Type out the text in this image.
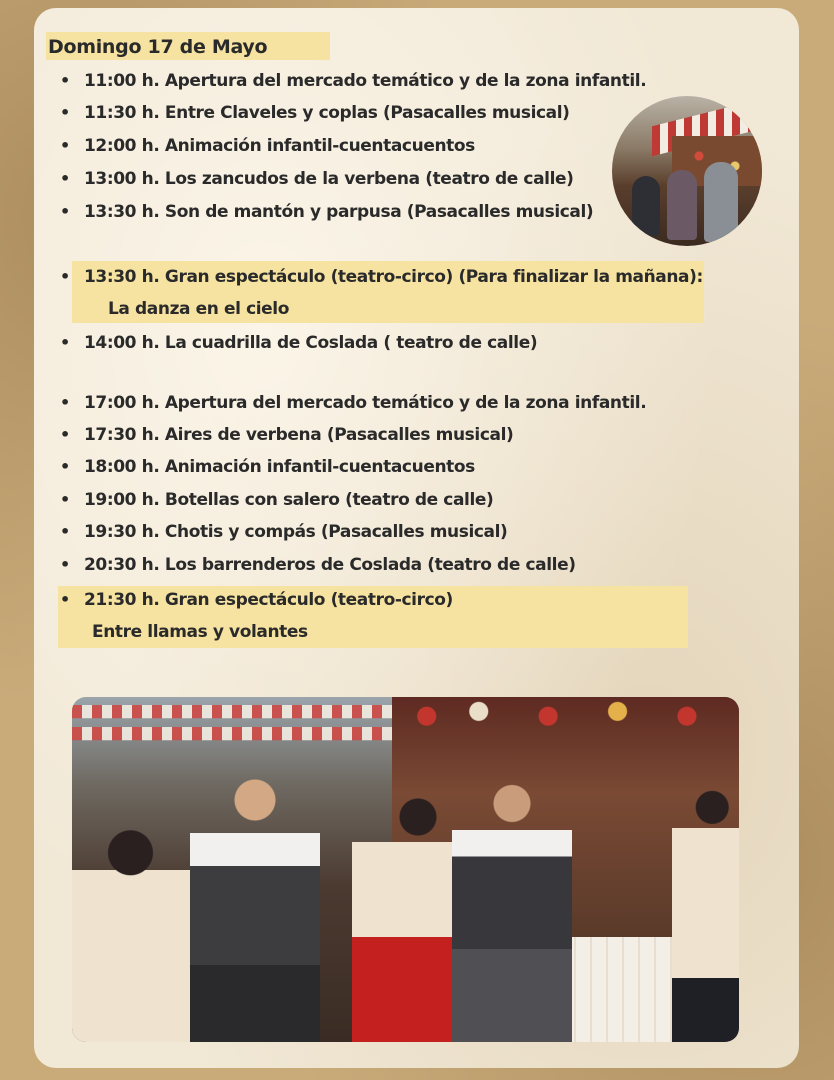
Domingo 17 de Mayo
• 11:00 h. Apertura del mercado temático y de la zona infantil.
• 11:30 h. Entre Claveles y coplas (Pasacalles musical)
• 12:00 h. Animación infantil-cuentacuentos
• 13:00 h. Los zancudos de la verbena (teatro de calle)
• 13:30 h. Son de mantón y parpusa (Pasacalles musical)
• 13:30 h. Gran espectáculo (teatro-circo) (Para finalizar la mañana):
La danza en el cielo
• 14:00 h. La cuadrilla de Coslada ( teatro de calle)
• 17:00 h. Apertura del mercado temático y de la zona infantil.
• 17:30 h. Aires de verbena (Pasacalles musical)
• 18:00 h. Animación infantil-cuentacuentos
• 19:00 h. Botellas con salero (teatro de calle)
• 19:30 h. Chotis y compás (Pasacalles musical)
• 20:30 h. Los barrenderos de Coslada (teatro de calle)
• 21:30 h. Gran espectáculo (teatro-circo)
Entre llamas y volantes
